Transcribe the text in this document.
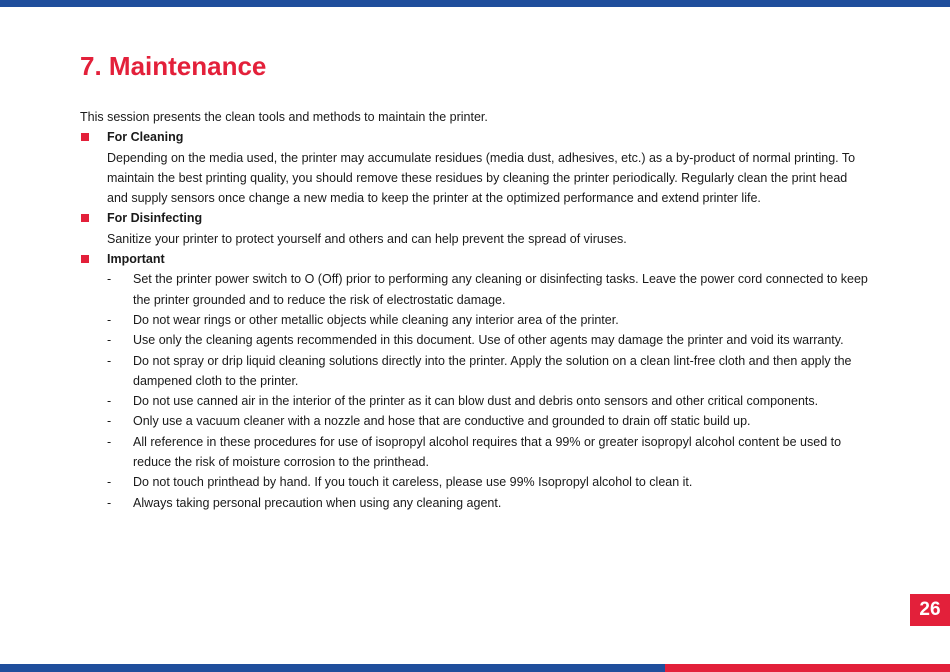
7. Maintenance

This session presents the clean tools and methods to maintain the printer.

For Cleaning

Depending on the media used, the printer may accumulate residues (media dust, adhesives, etc.) as a by-product of normal printing. To maintain the best printing quality, you should remove these residues by cleaning the printer periodically. Regularly clean the print head and supply sensors once change a new media to keep the printer at the optimized performance and extend printer life.

For Disinfecting

Sanitize your printer to protect yourself and others and can help prevent the spread of viruses.

Important
- Set the printer power switch to O (Off) prior to performing any cleaning or disinfecting tasks. Leave the power cord connected to keep the printer grounded and to reduce the risk of electrostatic damage.
- Do not wear rings or other metallic objects while cleaning any interior area of the printer.
- Use only the cleaning agents recommended in this document. Use of other agents may damage the printer and void its warranty.
- Do not spray or drip liquid cleaning solutions directly into the printer. Apply the solution on a clean lint-free cloth and then apply the dampened cloth to the printer.
- Do not use canned air in the interior of the printer as it can blow dust and debris onto sensors and other critical components.
- Only use a vacuum cleaner with a nozzle and hose that are conductive and grounded to drain off static build up.
- All reference in these procedures for use of isopropyl alcohol requires that a 99% or greater isopropyl alcohol content be used to reduce the risk of moisture corrosion to the printhead.
- Do not touch printhead by hand. If you touch it careless, please use 99% Isopropyl alcohol to clean it.
- Always taking personal precaution when using any cleaning agent.
26
